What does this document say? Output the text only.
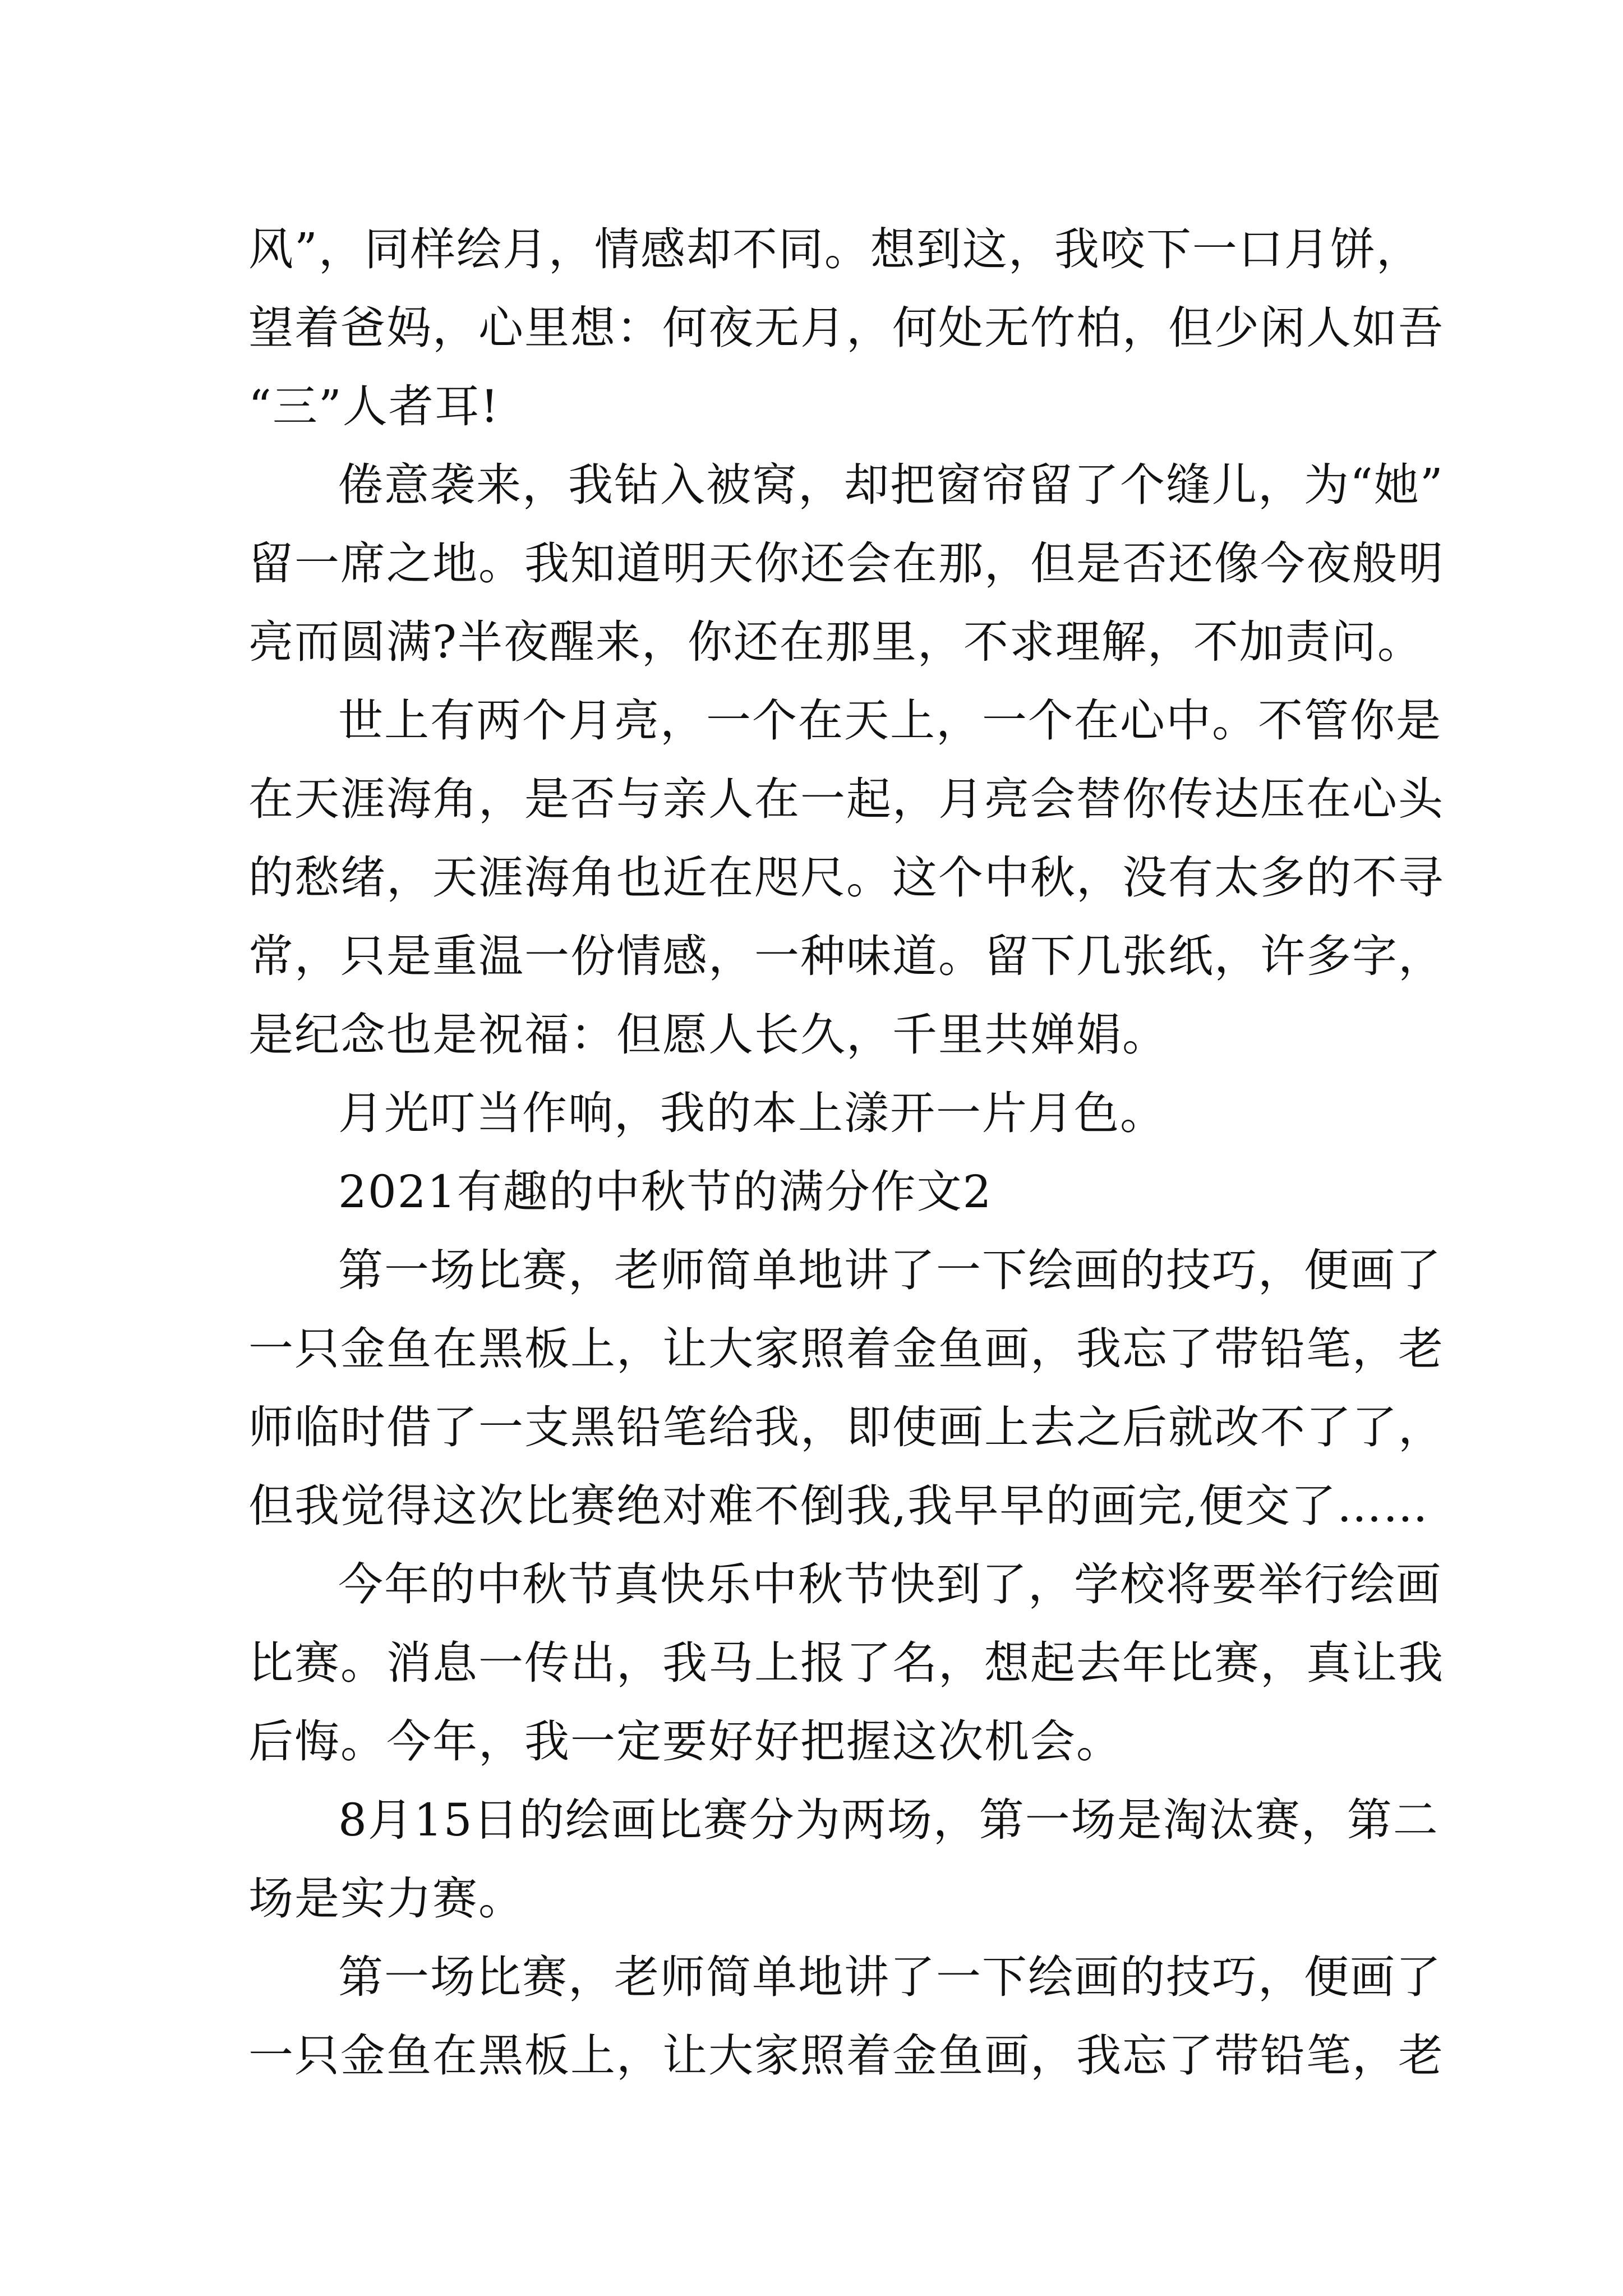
风”，同样绘月，情感却不同。想到这，我咬下一口月饼，
望着爸妈，心里想：何夜无月，何处无竹柏，但少闲人如吾
“三”人者耳!
倦意袭来，我钻入被窝，却把窗帘留了个缝儿，为“她”
留一席之地。我知道明天你还会在那，但是否还像今夜般明
亮而圆满?半夜醒来，你还在那里，不求理解，不加责问。
世上有两个月亮，一个在天上，一个在心中。不管你是
在天涯海角，是否与亲人在一起，月亮会替你传达压在心头
的愁绪，天涯海角也近在咫尺。这个中秋，没有太多的不寻
常，只是重温一份情感，一种味道。留下几张纸，许多字，
是纪念也是祝福：但愿人长久，千里共婵娟。
月光叮当作响，我的本上漾开一片月色。
2021有趣的中秋节的满分作文2
第一场比赛，老师简单地讲了一下绘画的技巧，便画了
一只金鱼在黑板上，让大家照着金鱼画，我忘了带铅笔，老
师临时借了一支黑铅笔给我，即使画上去之后就改不了了，
但我觉得这次比赛绝对难不倒我,我早早的画完,便交了……
今年的中秋节真快乐中秋节快到了，学校将要举行绘画
比赛。消息一传出，我马上报了名，想起去年比赛，真让我
后悔。今年，我一定要好好把握这次机会。
8月15日的绘画比赛分为两场，第一场是淘汰赛，第二
场是实力赛。
第一场比赛，老师简单地讲了一下绘画的技巧，便画了
一只金鱼在黑板上，让大家照着金鱼画，我忘了带铅笔，老
